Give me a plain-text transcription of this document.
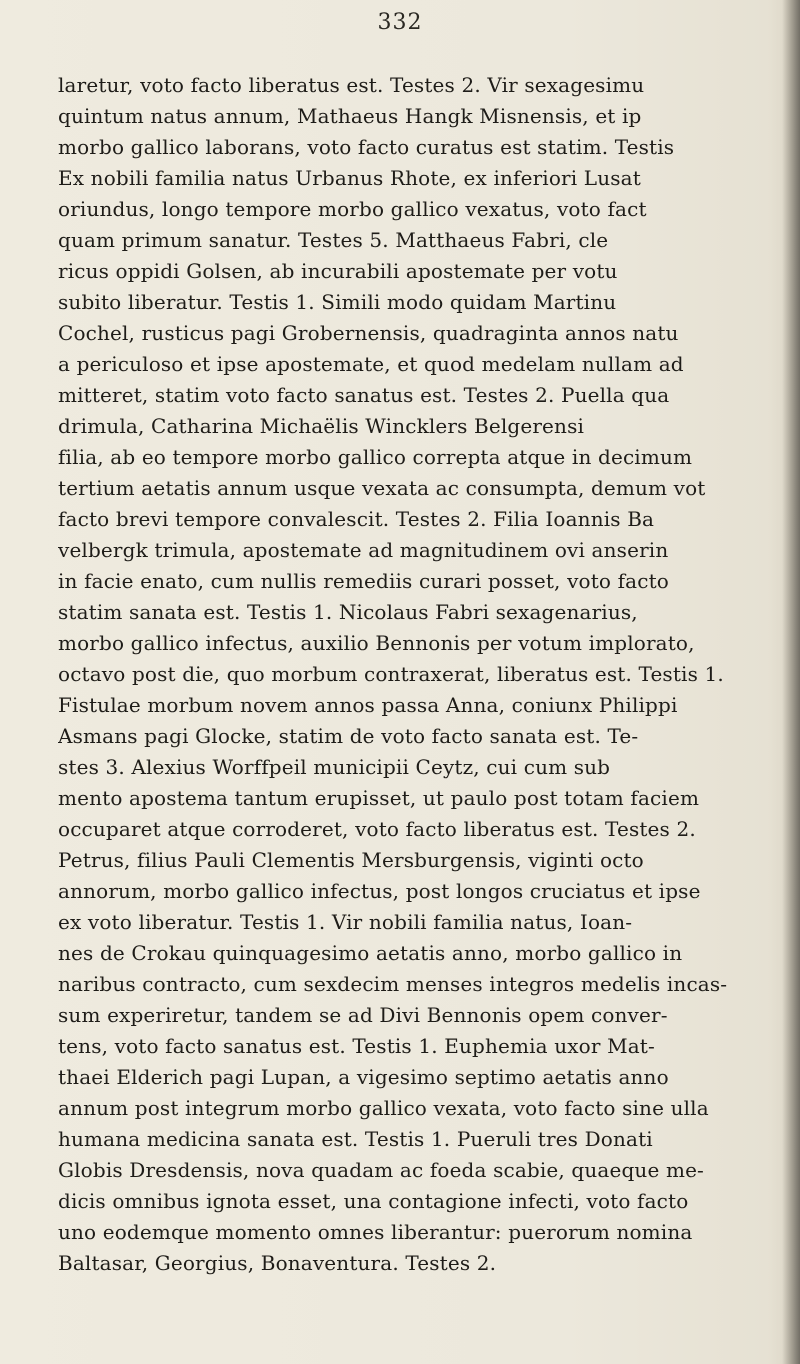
332
laretur, voto facto liberatus est. Testes 2. Vir sexagesimu
quintum natus annum, Mathaeus Hangk Misnensis, et ip
morbo gallico laborans, voto facto curatus est statim. Testis
Ex nobili familia natus Urbanus Rhote, ex inferiori Lusat
oriundus, longo tempore morbo gallico vexatus, voto fact
quam primum sanatur. Testes 5. Matthaeus Fabri, cle
ricus oppidi Golsen, ab incurabili apostemate per votu
subito liberatur. Testis 1. Simili modo quidam Martinu
Cochel, rusticus pagi Grobernensis, quadraginta annos natu
a periculoso et ipse apostemate, et quod medelam nullam ad
mitteret, statim voto facto sanatus est. Testes 2. Puella qua
drimula, Catharina Michaëlis Wincklers Belgerensi
filia, ab eo tempore morbo gallico correpta atque in decimum
tertium aetatis annum usque vexata ac consumpta, demum vot
facto brevi tempore convalescit. Testes 2. Filia Ioannis Ba
velbergk trimula, apostemate ad magnitudinem ovi anserin
in facie enato, cum nullis remediis curari posset, voto facto
statim sanata est. Testis 1. Nicolaus Fabri sexagenarius,
morbo gallico infectus, auxilio Bennonis per votum implorato,
octavo post die, quo morbum contraxerat, liberatus est. Testis 1.
Fistulae morbum novem annos passa Anna, coniunx Philippi
Asmans pagi Glocke, statim de voto facto sanata est. Te-
stes 3. Alexius Worffpeil municipii Ceytz, cui cum sub
mento apostema tantum erupisset, ut paulo post totam faciem
occuparet atque corroderet, voto facto liberatus est. Testes 2.
Petrus, filius Pauli Clementis Mersburgensis, viginti octo
annorum, morbo gallico infectus, post longos cruciatus et ipse
ex voto liberatur. Testis 1. Vir nobili familia natus, Ioan-
nes de Crokau quinquagesimo aetatis anno, morbo gallico in
naribus contracto, cum sexdecim menses integros medelis incas-
sum experiretur, tandem se ad Divi Bennonis opem conver-
tens, voto facto sanatus est. Testis 1. Euphemia uxor Mat-
thaei Elderich pagi Lupan, a vigesimo septimo aetatis anno
annum post integrum morbo gallico vexata, voto facto sine ulla
humana medicina sanata est. Testis 1. Pueruli tres Donati
Globis Dresdensis, nova quadam ac foeda scabie, quaeque me-
dicis omnibus ignota esset, una contagione infecti, voto facto
uno eodemque momento omnes liberantur: puerorum nomina
Baltasar, Georgius, Bonaventura. Testes 2.
